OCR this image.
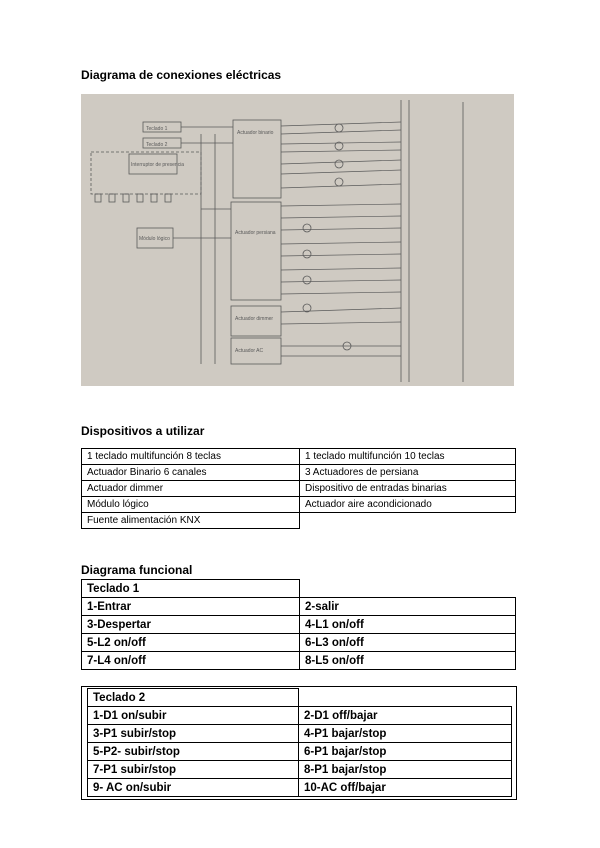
Diagrama de conexiones eléctricas
Teclado 1
Teclado 2
Interruptor de presencia
Actuador binario
Actuador persiana
Actuador dimmer
Actuador AC
Módulo lógico
Dispositivos a utilizar
1 teclado multifunción 8 teclas	1 teclado multifunción 10 teclas
Actuador Binario 6 canales	3 Actuadores de persiana
Actuador dimmer	Dispositivo de entradas binarias
Módulo lógico	Actuador aire acondicionado
Fuente alimentación KNX	
Diagrama funcional
Teclado 1	
1-Entrar	2-salir
3-Despertar	4-L1 on/off
5-L2 on/off	6-L3 on/off
7-L4 on/off	8-L5 on/off
Teclado 2	
1-D1 on/subir	2-D1 off/bajar
3-P1 subir/stop	4-P1 bajar/stop
5-P2- subir/stop	6-P1 bajar/stop
7-P1 subir/stop	8-P1 bajar/stop
9- AC on/subir	10-AC off/bajar
